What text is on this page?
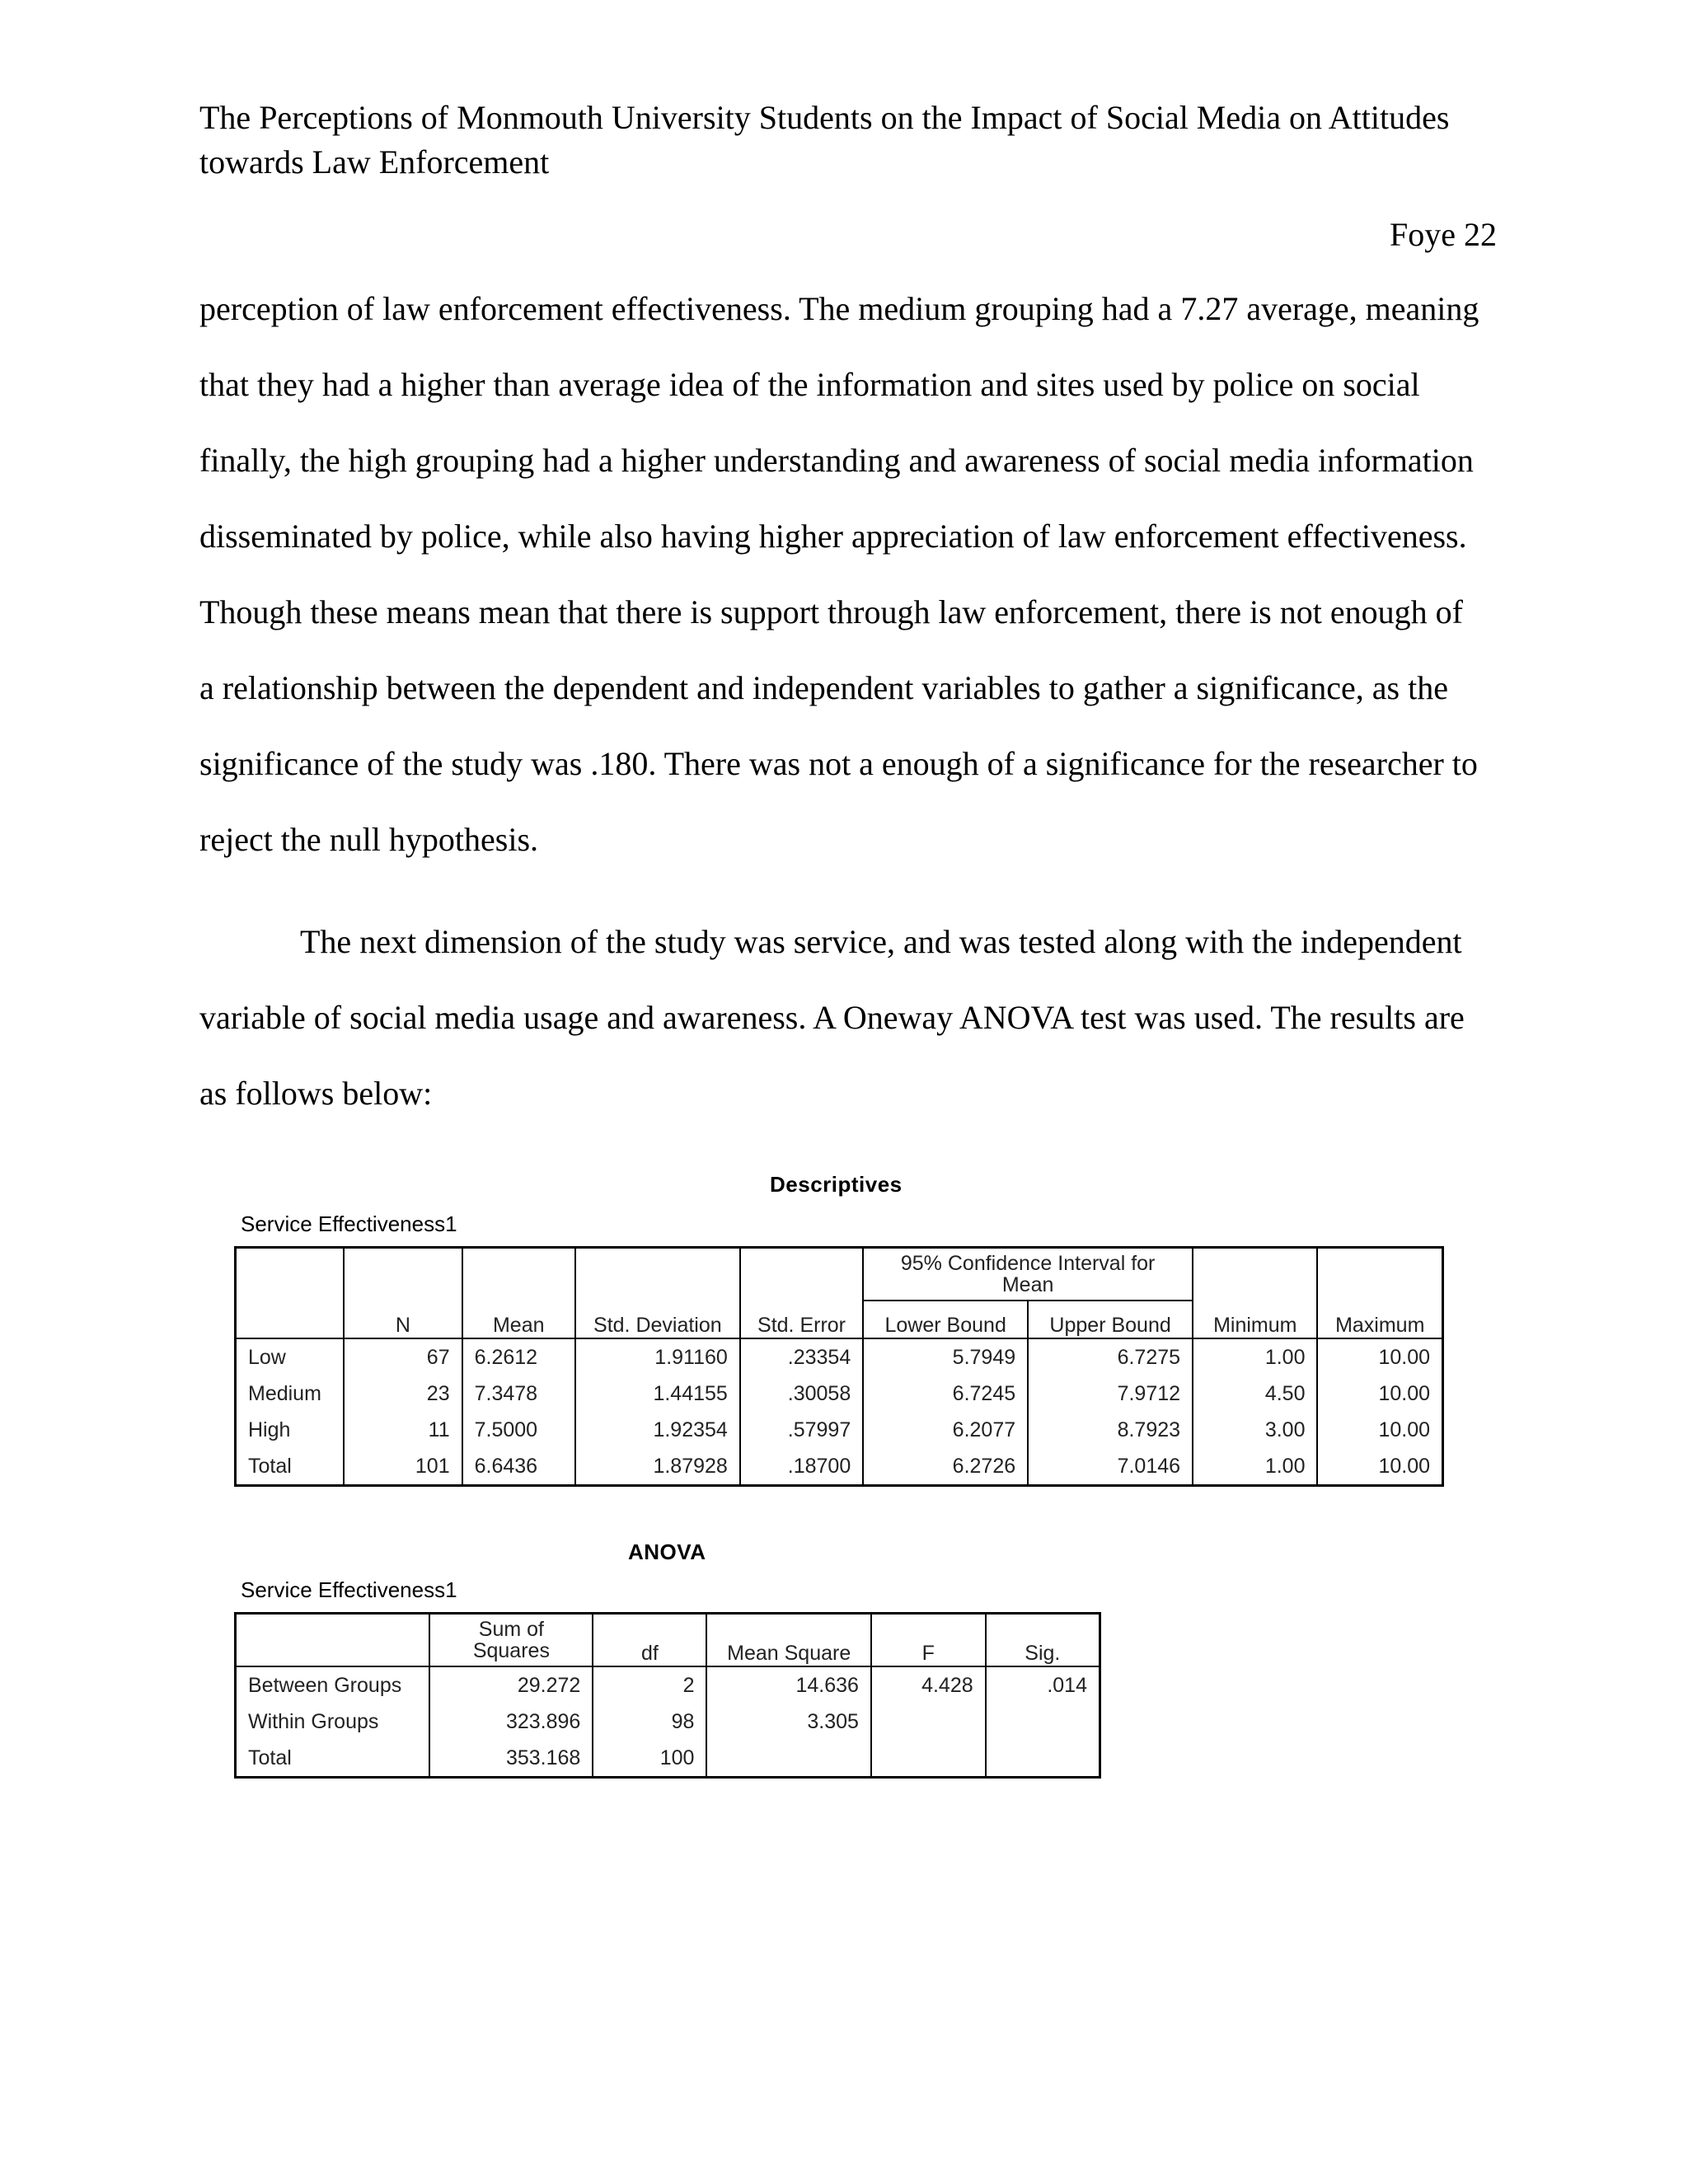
The Perceptions of Monmouth University Students on the Impact of Social Media on Attitudes
towards Law Enforcement
Foye 22
perception of law enforcement effectiveness. The medium grouping had a 7.27 average, meaning
that they had a higher than average idea of the information and sites used by police on social
finally, the high grouping had a higher understanding and awareness of social media information
disseminated by police, while also having higher appreciation of law enforcement effectiveness.
Though these means mean that there is support through law enforcement, there is not enough of
a relationship between the dependent and independent variables to gather a significance, as the
significance of the study was .180. There was not a enough of a significance for the researcher to
reject the null hypothesis.
The next dimension of the study was service, and was tested along with the independent
variable of social media usage and awareness. A Oneway ANOVA test was used. The results are
as follows below:
Descriptives
Service Effectiveness1
					95% Confidence Interval for Mean			
	N	Mean	Std. Deviation	Std. Error	Lower Bound	Upper Bound	Minimum	Maximum
Low	67	6.2612	1.91160	.23354	5.7949	6.7275	1.00	10.00
Medium	23	7.3478	1.44155	.30058	6.7245	7.9712	4.50	10.00
High	11	7.5000	1.92354	.57997	6.2077	8.7923	3.00	10.00
Total	101	6.6436	1.87928	.18700	6.2726	7.0146	1.00	10.00
ANOVA
Service Effectiveness1
	Sum of Squares	df	Mean Square	F	Sig.
Between Groups	29.272	2	14.636	4.428	.014
Within Groups	323.896	98	3.305		
Total	353.168	100			
